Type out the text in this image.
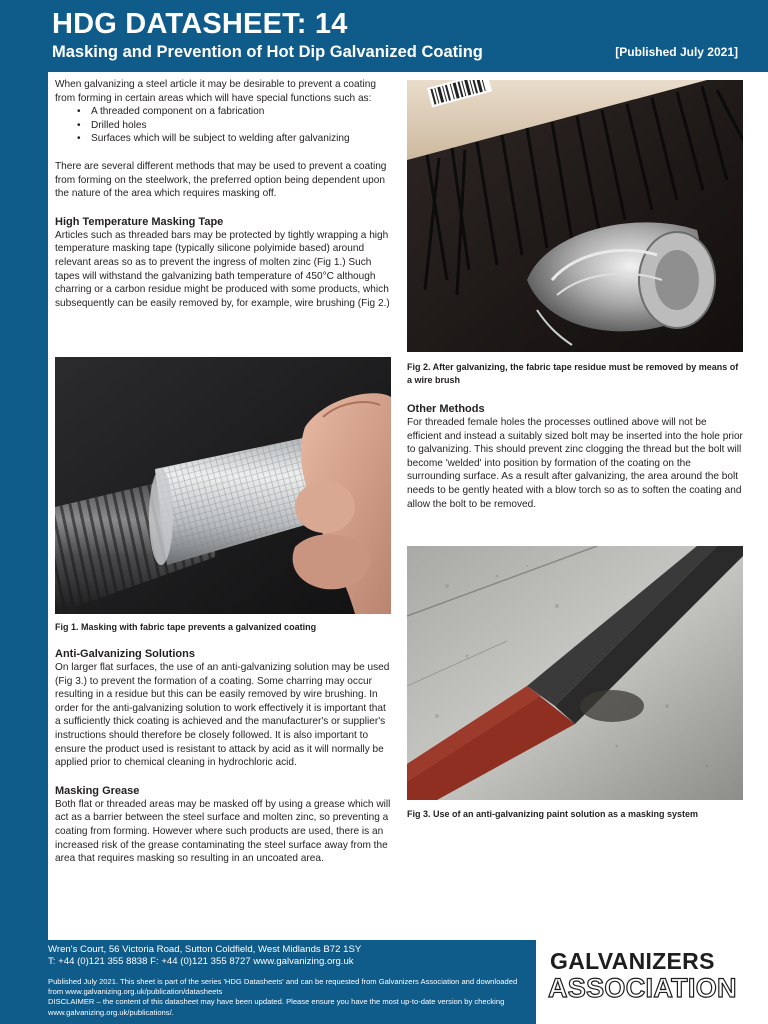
HDG DATASHEET: 14
Masking and Prevention of Hot Dip Galvanized Coating	[Published July 2021]

When galvanizing a steel article it may be desirable to prevent a coating from forming in certain areas which will have special functions such as:

• A threaded component on a fabrication
• Drilled holes
• Surfaces which will be subject to welding after galvanizing

There are several different methods that may be used to prevent a coating from forming on the steelwork, the preferred option being dependent upon the nature of the area which requires masking off.

High Temperature Masking Tape

Articles such as threaded bars may be protected by tightly wrapping a high temperature masking tape (typically silicone polyimide based) around relevant areas so as to prevent the ingress of molten zinc (Fig 1.) Such tapes will withstand the galvanizing bath temperature of 450°C although charring or a carbon residue might be produced with some products, which subsequently can be easily removed by, for example, wire brushing (Fig 2.)

Fig 1. Masking with fabric tape prevents a galvanized coating
Anti-Galvanizing Solutions

On larger flat surfaces, the use of an anti-galvanizing solution may be used (Fig 3.) to prevent the formation of a coating. Some charring may occur resulting in a residue but this can be easily removed by wire brushing. In order for the anti-galvanizing solution to work effectively it is important that a sufficiently thick coating is achieved and the manufacturer's or supplier's instructions should therefore be closely followed. It is also important to ensure the product used is resistant to attack by acid as it will normally be applied prior to chemical cleaning in hydrochloric acid.

Masking Grease

Both flat or threaded areas may be masked off by using a grease which will act as a barrier between the steel surface and molten zinc, so preventing a coating from forming. However where such products are used, there is an increased risk of the grease contaminating the steel surface away from the area that requires masking so resulting in an uncoated area.

Fig 2. After galvanizing, the fabric tape residue must be removed by means of a wire brush
Other Methods

For threaded female holes the processes outlined above will not be efficient and instead a suitably sized bolt may be inserted into the hole prior to galvanizing. This should prevent zinc clogging the thread but the bolt will become 'welded' into position by formation of the coating on the surrounding surface. As a result after galvanizing, the area around the bolt needs to be gently heated with a blow torch so as to soften the coating and allow the bolt to be removed.

Fig 3. Use of an anti-galvanizing paint solution as a masking system
Wren's Court, 56 Victoria Road, Sutton Coldfield, West Midlands B72 1SY
T: +44 (0)121 355 8838 F: +44 (0)121 355 8727 www.galvanizing.org.uk
Published July 2021. This sheet is part of the series 'HDG Datasheets' and can be requested from Galvanizers Association and downloaded from www.galvanizing.org.uk/publication/datasheets
DISCLAIMER – the content of this datasheet may have been updated. Please ensure you have the most up-to-date version by checking www.galvanizing.org.uk/publications/.
GALVANIZERS
ASSOCIATION
